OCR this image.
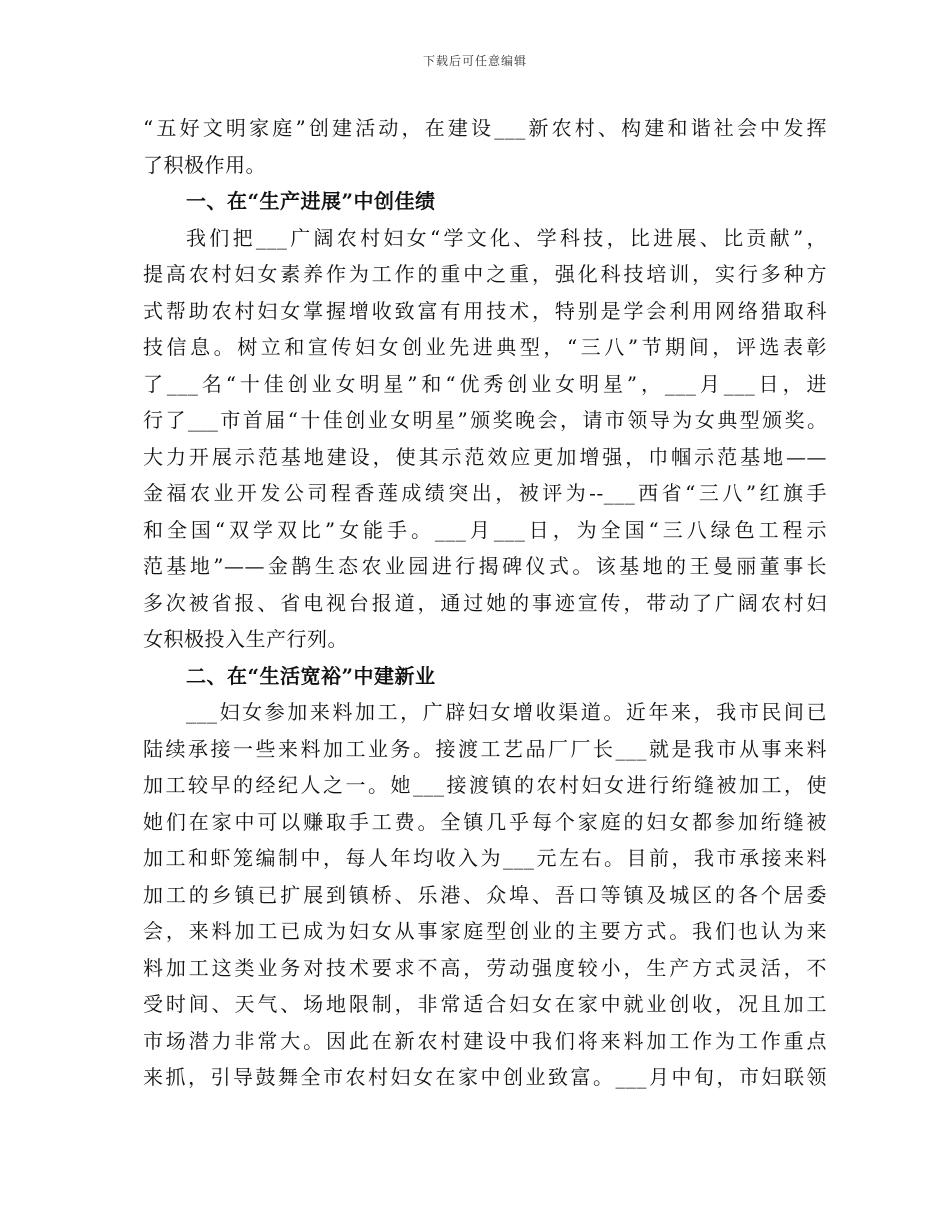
下载后可任意编辑
“五好文明家庭”创建活动，在建设___新农村、构建和谐社会中发挥
了积极作用。
一、在“生产进展”中创佳绩
我们把___广阔农村妇女“学文化、学科技，比进展、比贡献”，
提高农村妇女素养作为工作的重中之重，强化科技培训，实行多种方
式帮助农村妇女掌握增收致富有用技术，特别是学会利用网络猎取科
技信息。树立和宣传妇女创业先进典型，“三八”节期间，评选表彰
了___名“十佳创业女明星”和“优秀创业女明星”，___月___日，进
行了___市首届“十佳创业女明星”颁奖晚会，请市领导为女典型颁奖。
大力开展示范基地建设，使其示范效应更加增强，巾帼示范基地——
金福农业开发公司程香莲成绩突出，被评为--___西省“三八”红旗手
和全国“双学双比”女能手。___月___日，为全国“三八绿色工程示
范基地”——金鹊生态农业园进行揭碑仪式。该基地的王曼丽董事长
多次被省报、省电视台报道，通过她的事迹宣传，带动了广阔农村妇
女积极投入生产行列。
二、在“生活宽裕”中建新业
___妇女参加来料加工，广辟妇女增收渠道。近年来，我市民间已
陆续承接一些来料加工业务。接渡工艺品厂厂长___就是我市从事来料
加工较早的经纪人之一。她___接渡镇的农村妇女进行绗缝被加工，使
她们在家中可以赚取手工费。全镇几乎每个家庭的妇女都参加绗缝被
加工和虾笼编制中，每人年均收入为___元左右。目前，我市承接来料
加工的乡镇已扩展到镇桥、乐港、众埠、吾口等镇及城区的各个居委
会，来料加工已成为妇女从事家庭型创业的主要方式。我们也认为来
料加工这类业务对技术要求不高，劳动强度较小，生产方式灵活，不
受时间、天气、场地限制，非常适合妇女在家中就业创收，况且加工
市场潜力非常大。因此在新农村建设中我们将来料加工作为工作重点
来抓，引导鼓舞全市农村妇女在家中创业致富。___月中旬，市妇联领
